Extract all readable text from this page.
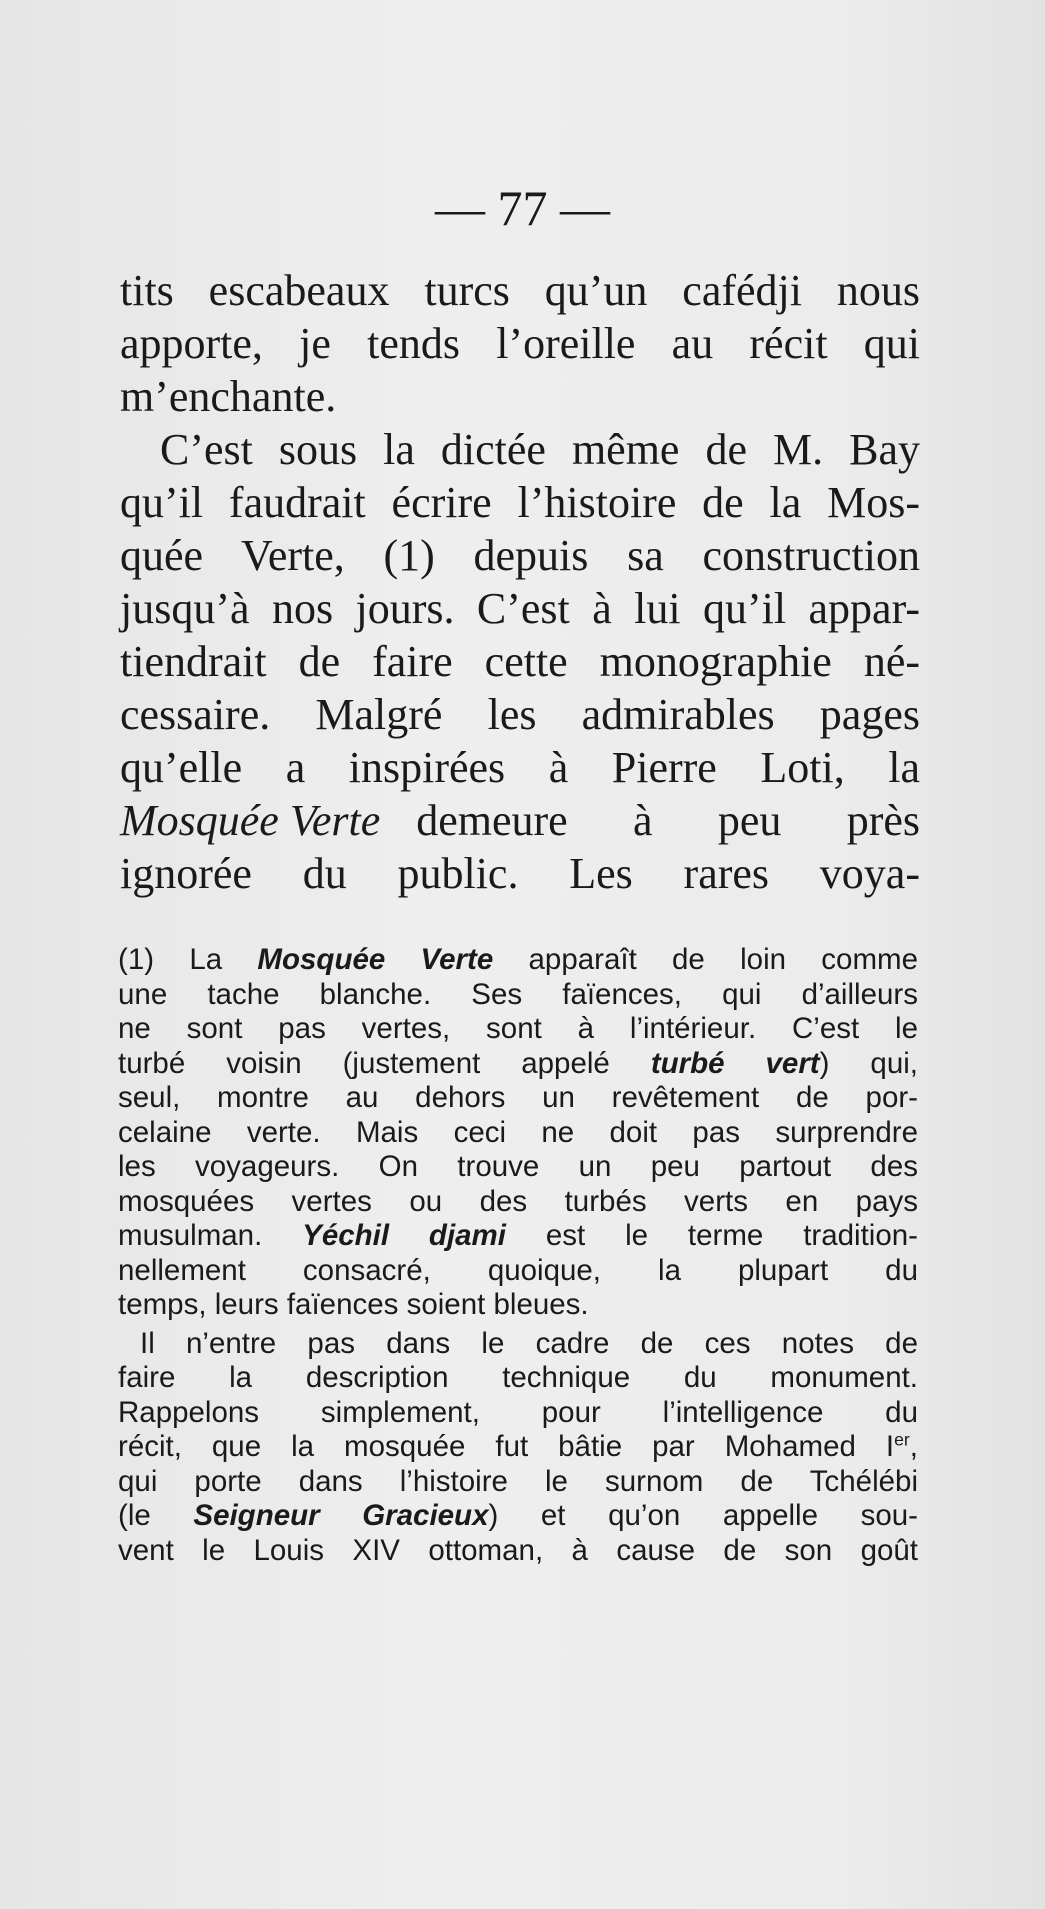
— 77 —
tits escabeaux turcs qu’un cafédji nous
apporte, je tends l’oreille au récit qui
m’enchante.
C’est sous la dictée même de M. Bay
qu’il faudrait écrire l’histoire de la Mos-
quée Verte, (1) depuis sa construction
jusqu’à nos jours. C’est à lui qu’il appar-
tiendrait de faire cette monographie né-
cessaire. Malgré les admirables pages
qu’elle a inspirées à Pierre Loti, la
Mosquée Verte demeure à peu près
ignorée du public. Les rares voya-
(1) La Mosquée Verte apparaît de loin comme
une tache blanche. Ses faïences, qui d’ailleurs
ne sont pas vertes, sont à l’intérieur. C’est le
turbé voisin (justement appelé turbé vert) qui,
seul, montre au dehors un revêtement de por-
celaine verte. Mais ceci ne doit pas surprendre
les voyageurs. On trouve un peu partout des
mosquées vertes ou des turbés verts en pays
musulman. Yéchil djami est le terme tradition-
nellement consacré, quoique, la plupart du
temps, leurs faïences soient bleues.
Il n’entre pas dans le cadre de ces notes de
faire la description technique du monument.
Rappelons simplement, pour l’intelligence du
récit, que la mosquée fut bâtie par Mohamed Ier,
qui porte dans l’histoire le surnom de Tchélébi
(le Seigneur Gracieux) et qu’on appelle sou-
vent le Louis XIV ottoman, à cause de son goût
